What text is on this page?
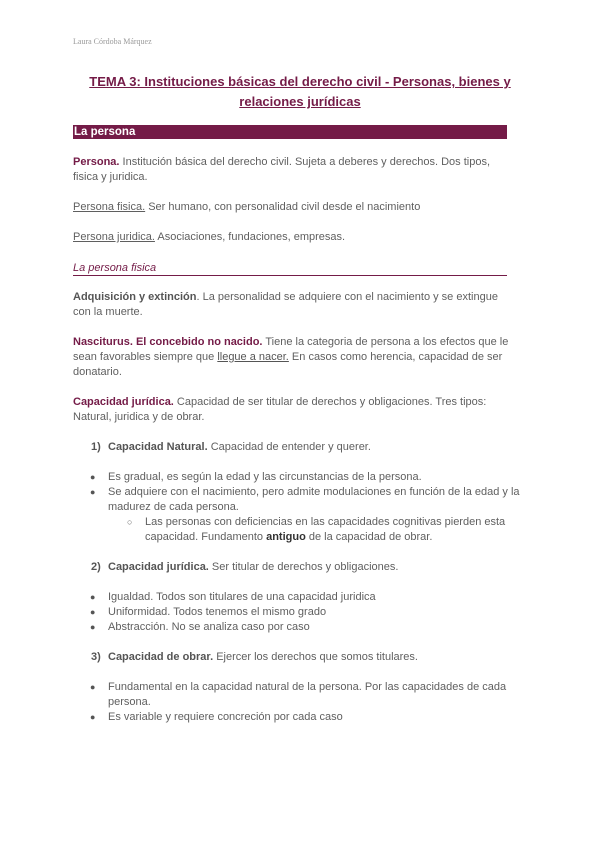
Laura Córdoba Márquez
TEMA 3: Instituciones básicas del derecho civil - Personas, bienes y relaciones jurídicas
La persona
Persona. Institución básica del derecho civil. Sujeta a deberes y derechos. Dos tipos, fisica y juridica.
Persona fisica. Ser humano, con personalidad civil desde el nacimiento
Persona juridica. Asociaciones, fundaciones, empresas.
La persona fisica
Adquisición y extinción. La personalidad se adquiere con el nacimiento y se extingue con la muerte.
Nasciturus. El concebido no nacido. Tiene la categoria de persona a los efectos que le sean favorables siempre que llegue a nacer. En casos como herencia, capacidad de ser donatario.
Capacidad jurídica. Capacidad de ser titular de derechos y obligaciones. Tres tipos: Natural, juridica y de obrar.
1) Capacidad Natural. Capacidad de entender y querer.
● Es gradual, es según la edad y las circunstancias de la persona.
● Se adquiere con el nacimiento, pero admite modulaciones en función de la edad y la madurez de cada persona.
○ Las personas con deficiencias en las capacidades cognitivas pierden esta capacidad. Fundamento antiguo de la capacidad de obrar.
2) Capacidad jurídica. Ser titular de derechos y obligaciones.
● Igualdad. Todos son titulares de una capacidad juridica
● Uniformidad. Todos tenemos el mismo grado
● Abstracción. No se analiza caso por caso
3) Capacidad de obrar. Ejercer los derechos que somos titulares.
● Fundamental en la capacidad natural de la persona. Por las capacidades de cada persona.
● Es variable y requiere concreción por cada caso
